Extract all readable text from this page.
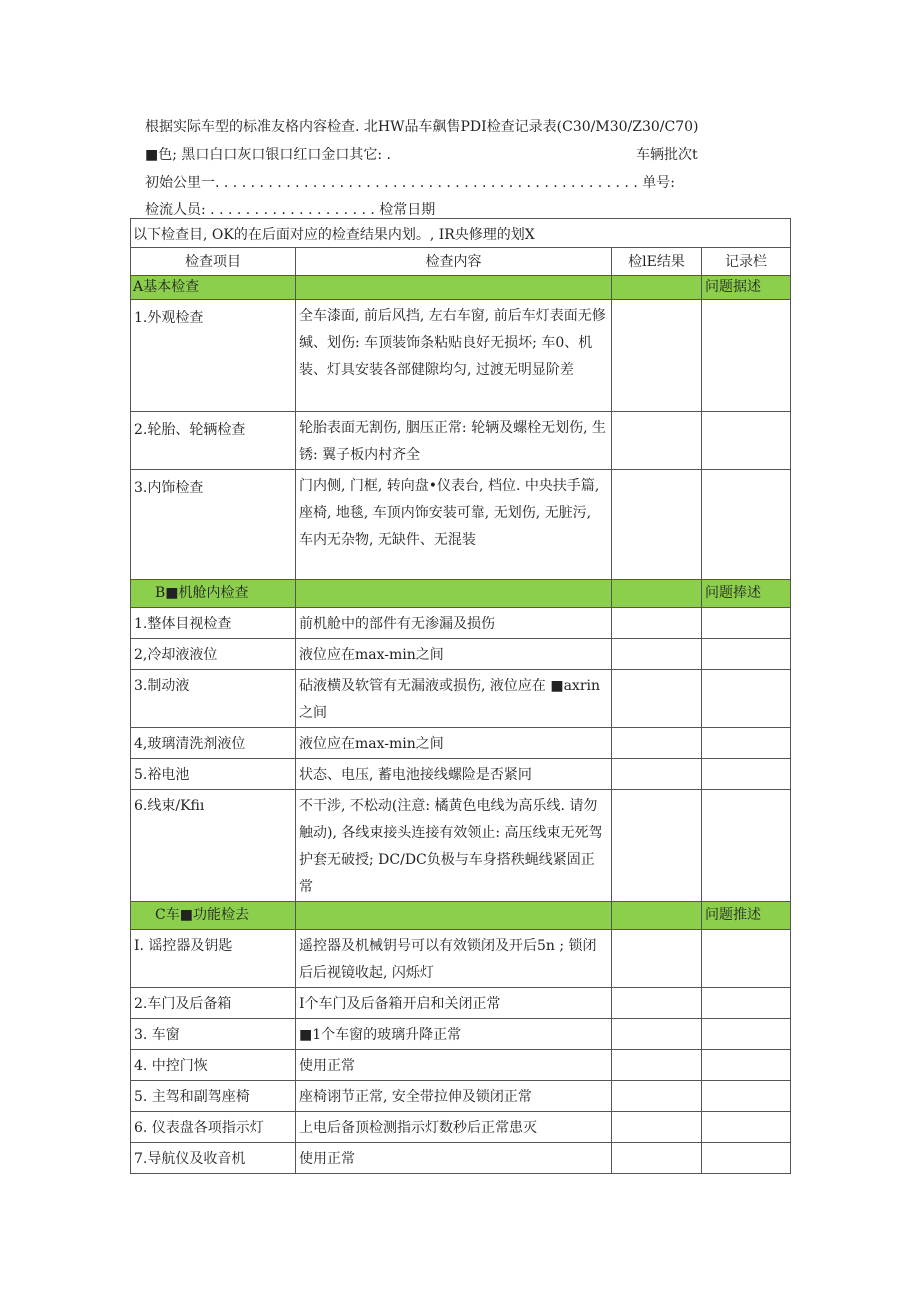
根据实际车型的标准友格内容检查. 北HW品车飙售PDI检查记录表(C30/M30/Z30/C70)
■色; 黑口白口灰口银口红口金口其它: .	车辆批次t
初始公里一. . . . . . . . . . . . . . . . . . . . . . . . . . . . . . . . . . . . . . . . . . . . . . . . 单号:
检流人员: . . . . . . . . . . . . . . . . . . . 检常日期
以下检查目, OK的在后面对应的检查结果内划。, IR央修理的划X			
检查项目	检查内容	检lE结果	记录栏
A基本检查			问题据述
1.外观检查	全车漆面, 前后风挡, 左右车窗, 前后车灯表面无修缄、划伤: 车顶装饰条粘贴良好无损坏; 车0、机装、灯具安装各部健隙均匀, 过渡无明显阶差		
2.轮胎、轮辆检查	轮胎表面无割伤, 胭压正常: 轮辆及螺栓无划伤, 生锈: 翼子板内村齐全		
3.内饰检查	门内侧, 门框, 转向盘•仪表台, 档位. 中央扶手篇, 座椅, 地毯, 车顶内饰安装可靠, 无划伤, 无脏污, 车内无杂物, 无缺件、无混装		
B■机舱内检查			问题捧述
1.整体目视检查	前机舱中的部件有无渗漏及损伤		
2,冷却液液位	液位应在max-min之间		
3.制动液	砧液横及软管有无漏液或损伤, 液位应在 ■axrin之间		
4,玻璃清洗剂液位	液位应在max-min之间		
5.裕电池	状态、电压, 蓄电池接线螺险是否紧冋		
6.线束/Kfiı	不干涉, 不松动(注意: 橘黄色电线为高乐线. 请勿触动), 各线束接头连接有效领止: 高压线束无死驾护套无破授; DC/DC负极与车身搭秩蝇线紧固正常		
C车■功能检去			问题推述
I. 谣控器及钥匙	遥控器及机械钥号可以有效锁闭及开后5n ; 锁闭后后视镜收起, 闪烁灯		
2.车门及后备箱	I个车门及后备箱开启和关闭正常		
3. 车窗	■1个车窗的玻璃升降正常		
4. 中控门恢	使用正常		
5. 主驾和副驾座椅	座椅诩节正常, 安全带拉伸及锁闭正常		
6. 仪表盘各项指示灯	上电后备顶检测指示灯数秒后正常患灭		
7.导航仪及收音机	使用正常		
